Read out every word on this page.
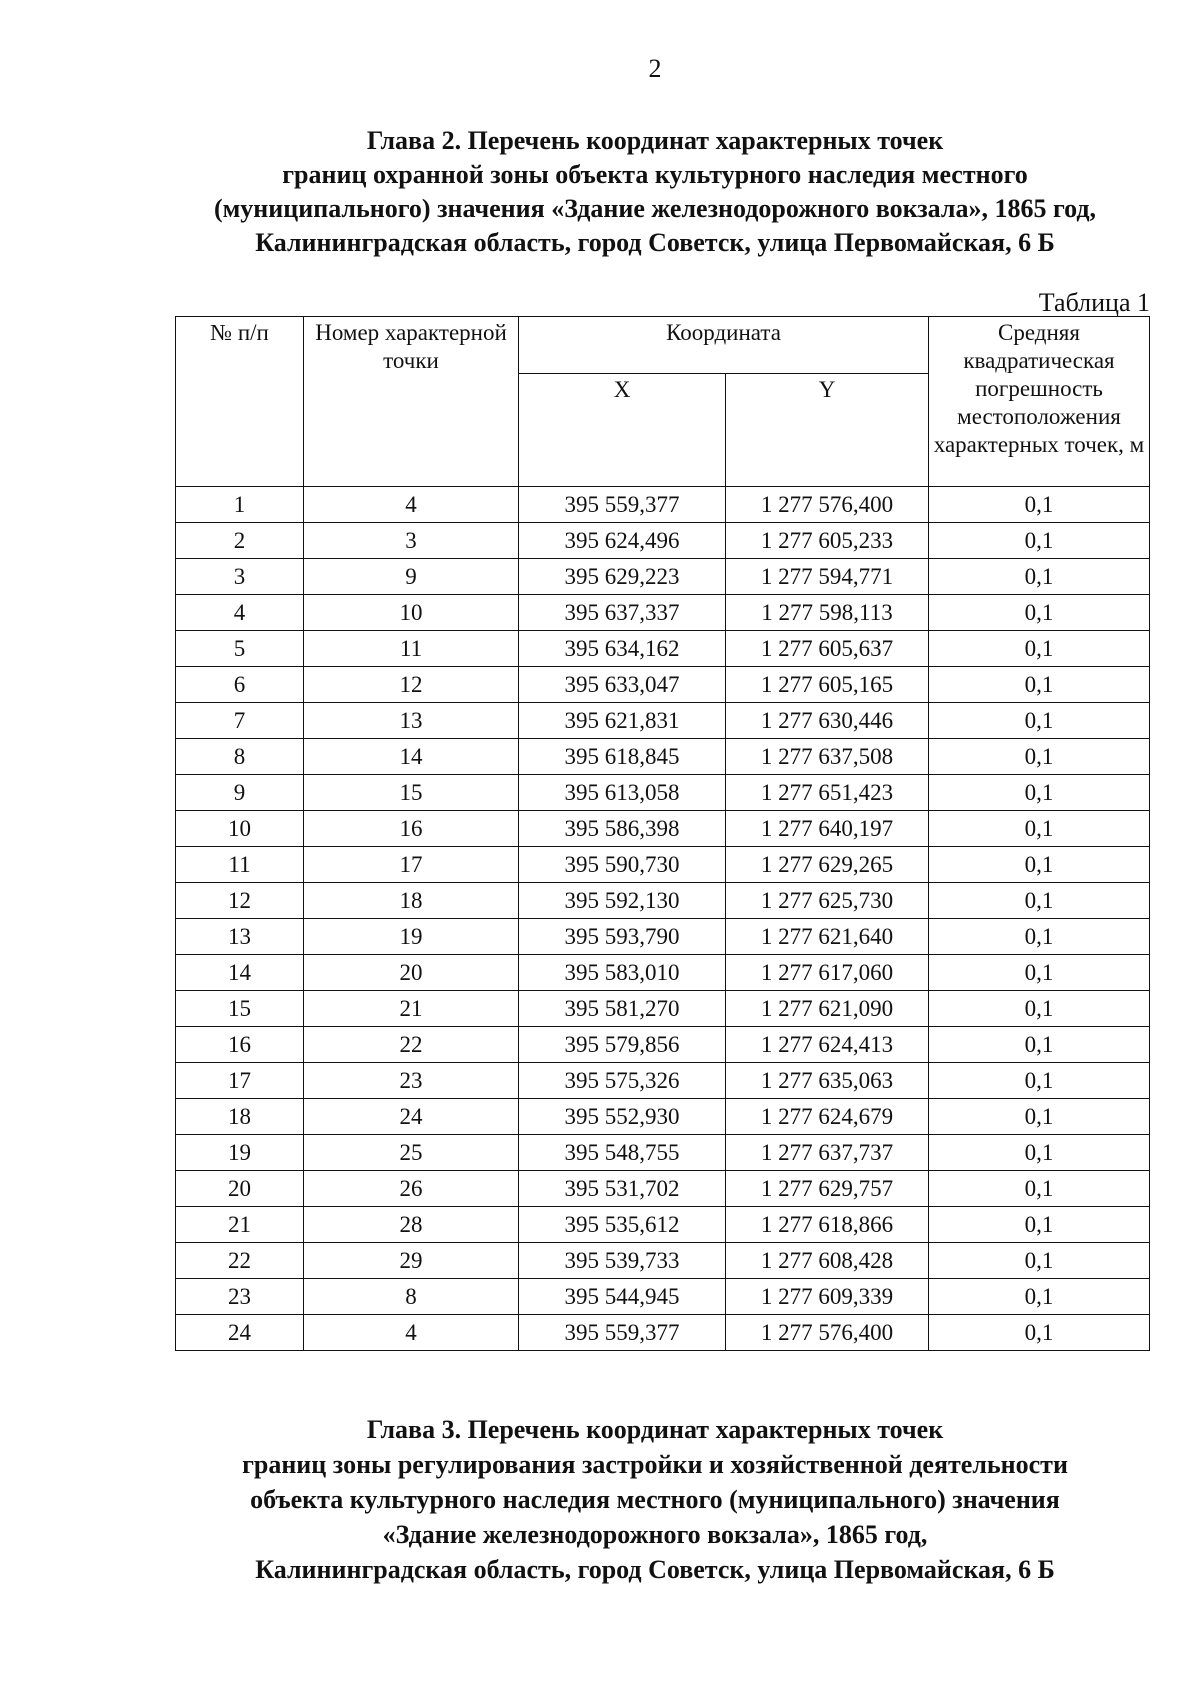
2
Глава 2. Перечень координат характерных точек
границ охранной зоны объекта культурного наследия местного
(муниципального) значения «Здание железнодорожного вокзала», 1865 год,
Калининградская область, город Советск, улица Первомайская, 6 Б
Таблица 1
№ п/п	Номер характерной точки	Координата		Средняя квадратическая погрешность местоположения характерных точек, м

		X	Y	
1	4	395 559,377	1 277 576,400	0,1
2	3	395 624,496	1 277 605,233	0,1
3	9	395 629,223	1 277 594,771	0,1
4	10	395 637,337	1 277 598,113	0,1
5	11	395 634,162	1 277 605,637	0,1
6	12	395 633,047	1 277 605,165	0,1
7	13	395 621,831	1 277 630,446	0,1
8	14	395 618,845	1 277 637,508	0,1
9	15	395 613,058	1 277 651,423	0,1
10	16	395 586,398	1 277 640,197	0,1
11	17	395 590,730	1 277 629,265	0,1
12	18	395 592,130	1 277 625,730	0,1
13	19	395 593,790	1 277 621,640	0,1
14	20	395 583,010	1 277 617,060	0,1
15	21	395 581,270	1 277 621,090	0,1
16	22	395 579,856	1 277 624,413	0,1
17	23	395 575,326	1 277 635,063	0,1
18	24	395 552,930	1 277 624,679	0,1
19	25	395 548,755	1 277 637,737	0,1
20	26	395 531,702	1 277 629,757	0,1
21	28	395 535,612	1 277 618,866	0,1
22	29	395 539,733	1 277 608,428	0,1
23	8	395 544,945	1 277 609,339	0,1
24	4	395 559,377	1 277 576,400	0,1
Глава 3. Перечень координат характерных точек
границ зоны регулирования застройки и хозяйственной деятельности
объекта культурного наследия местного (муниципального) значения
«Здание железнодорожного вокзала», 1865 год,
Калининградская область, город Советск, улица Первомайская, 6 Б
